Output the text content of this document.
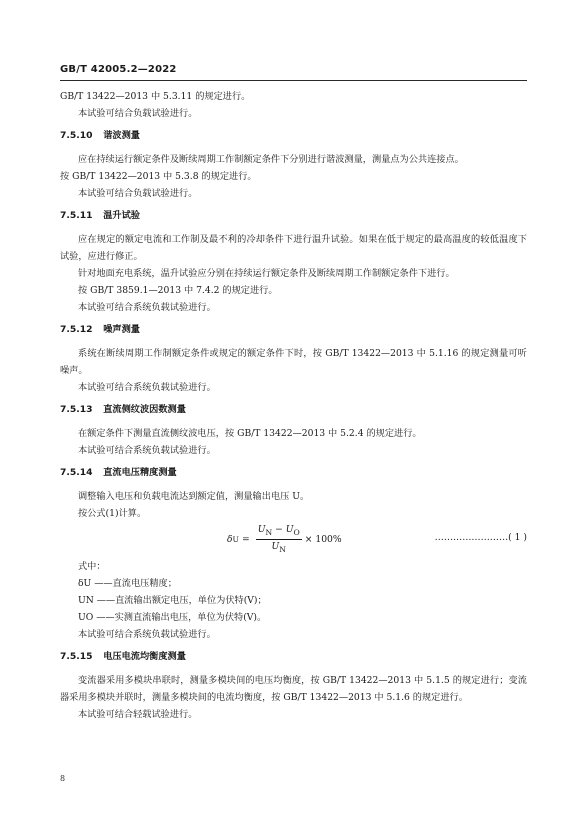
GB/T 42005.2—2022

GB/T 13422—2013 中 5.3.11 的规定进行。

本试验可结合负载试验进行。

7.5.10 谐波测量

应在持续运行额定条件及断续周期工作制额定条件下分别进行谐波测量，测量点为公共连接点。

按 GB/T 13422—2013 中 5.3.8 的规定进行。

本试验可结合负载试验进行。

7.5.11 温升试验

应在规定的额定电流和工作制及最不利的冷却条件下进行温升试验。如果在低于规定的最高温度的较低温度下试验，应进行修正。

针对地面充电系统，温升试验应分别在持续运行额定条件及断续周期工作制额定条件下进行。

按 GB/T 3859.1—2013 中 7.4.2 的规定进行。

本试验可结合系统负载试验进行。

7.5.12 噪声测量

系统在断续周期工作制额定条件或规定的额定条件下时，按 GB/T 13422—2013 中 5.1.16 的规定测量可听噪声。

本试验可结合系统负载试验进行。

7.5.13 直流侧纹波因数测量

在额定条件下测量直流侧纹波电压，按 GB/T 13422—2013 中 5.2.4 的规定进行。

本试验可结合系统负载试验进行。

7.5.14 直流电压精度测量

调整输入电压和负载电流达到额定值，测量输出电压 U。

按公式(1)计算。

δ $U = \frac{U_N - U_O}{U_N} \times 100\%$	……………………( 1 )

式中：

δU ——直流电压精度；

UN ——直流输出额定电压，单位为伏特(V)；

UO ——实测直流输出电压，单位为伏特(V)。

本试验可结合系统负载试验进行。

7.5.15 电压电流均衡度测量

变流器采用多模块串联时，测量多模块间的电压均衡度，按 GB/T 13422—2013 中 5.1.5 的规定进行；变流器采用多模块并联时，测量多模块间的电流均衡度，按 GB/T 13422—2013 中 5.1.6 的规定进行。

本试验可结合轻载试验进行。

8
